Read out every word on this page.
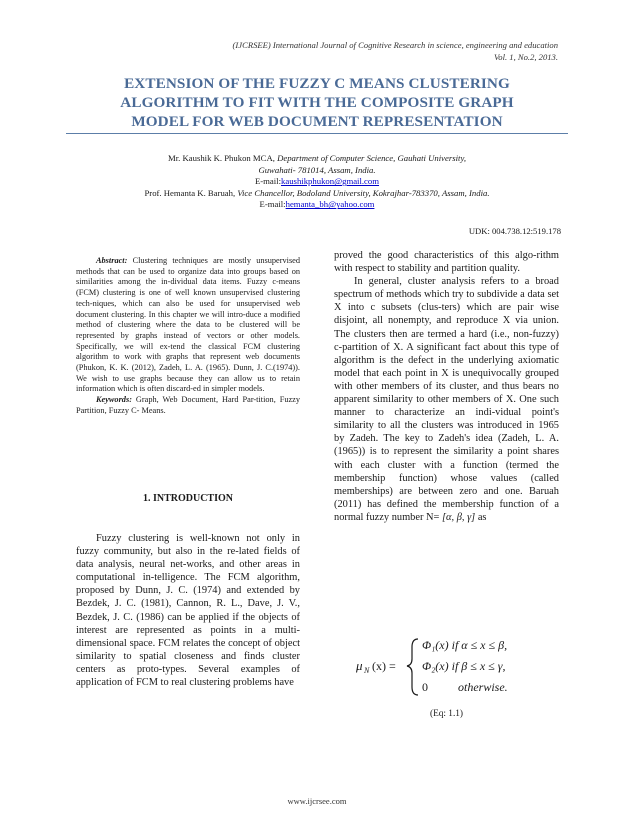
(IJCRSEE) International Journal of Cognitive Research in science, engineering and education
Vol. 1, No.2, 2013.
EXTENSION OF THE FUZZY C MEANS CLUSTERING
ALGORITHM TO FIT WITH THE COMPOSITE GRAPH
MODEL FOR WEB DOCUMENT REPRESENTATION
Mr. Kaushik K. Phukon MCA, Department of Computer Science, Gauhati University,
Guwahati- 781014, Assam, India.
E-mail:kaushikphukon@gmail.com
Prof. Hemanta K. Baruah, Vice Chancellor, Bodoland University, Kokrajhar-783370, Assam, India.
E-mail:hemanta_bh@yahoo.com
UDK: 004.738.12:519.178

Abstract: Clustering techniques are mostly unsupervised methods that can be used to organize data into groups based on similarities among the in-dividual data items. Fuzzy c-means (FCM) clustering is one of well known unsupervised clustering tech-niques, which can also be used for unsupervised web document clustering. In this chapter we will intro-duce a modified method of clustering where the data to be clustered will be represented by graphs instead of vectors or other models. Specifically, we will ex-tend the classical FCM clustering algorithm to work with graphs that represent web documents (Phukon, K. K. (2012), Zadeh, L. A. (1965). Dunn, J. C.(1974)). We wish to use graphs because they can allow us to retain information which is often discard-ed in simpler models.

Keywords: Graph, Web Document, Hard Par-tition, Fuzzy Partition, Fuzzy C- Means.

1. INTRODUCTION

Fuzzy clustering is well-known not only in fuzzy community, but also in the re-lated fields of data analysis, neural net-works, and other areas in computational in-telligence. The FCM algorithm, proposed by Dunn, J. C. (1974) and extended by Bezdek, J. C. (1981), Cannon, R. L., Dave, J. V., Bezdek, J. C. (1986) can be applied if the objects of interest are represented as points in a multi-dimensional space. FCM relates the concept of object similarity to spatial closeness and finds cluster centers as proto-types. Several examples of application of FCM to real clustering problems have

proved the good characteristics of this algo-rithm with respect to stability and partition quality.

In general, cluster analysis refers to a broad spectrum of methods which try to subdivide a data set X into c subsets (clus-ters) which are pair wise disjoint, all nonempty, and reproduce X via union. The clusters then are termed a hard (i.e., non-fuzzy) c-partition of X. A significant fact about this type of algorithm is the defect in the underlying axiomatic model that each point in X is unequivocally grouped with other members of its cluster, and thus bears no apparent similarity to other members of X. One such manner to characterize an indi-vidual point's similarity to all the clusters was introduced in 1965 by Zadeh. The key to Zadeh's idea (Zadeh, L. A. (1965)) is to represent the similarity a point shares with each cluster with a function (termed the membership function) whose values (called memberships) are between zero and one. Baruah (2011) has defined the membership function of a normal fuzzy number N= [α, β, γ] as

μ N (x) =
Φ₁(x) if α ≤ x ≤ β,
Φ₂(x) if β ≤ x ≤ γ,
0	otherwise.
(Eq: 1.1)
www.ijcrsee.com
